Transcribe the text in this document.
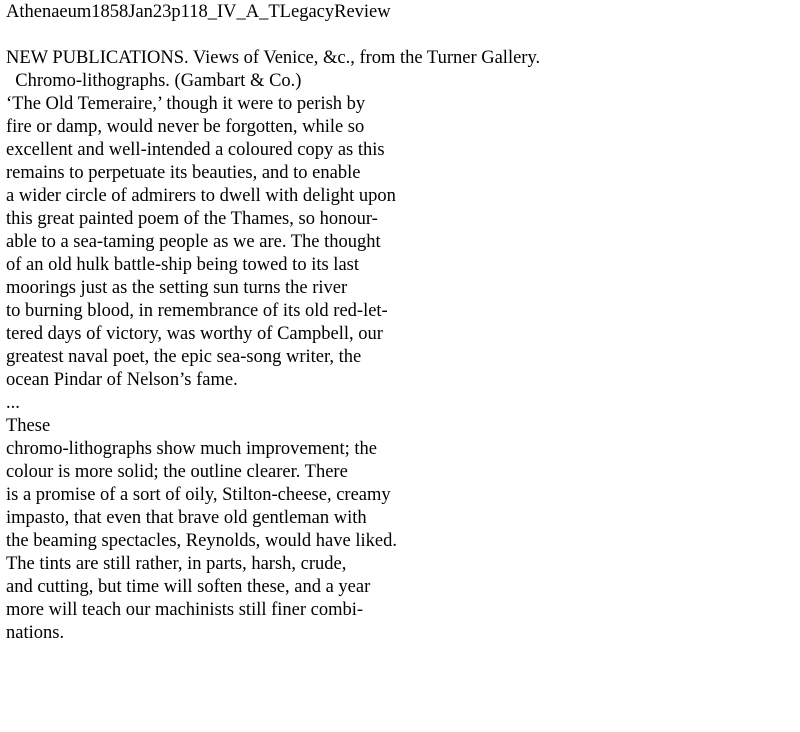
Athenaeum1858Jan23p118_IV_A_TLegacyReview
NEW PUBLICATIONS. Views of Venice, &c., from the Turner Gallery.
Chromo-lithographs. (Gambart & Co.)
‘The Old Temeraire,’ though it were to perish by
fire or damp, would never be forgotten, while so
excellent and well-intended a coloured copy as this
remains to perpetuate its beauties, and to enable
a wider circle of admirers to dwell with delight upon
this great painted poem of the Thames, so honour-
able to a sea-taming people as we are. The thought
of an old hulk battle-ship being towed to its last
moorings just as the setting sun turns the river
to burning blood, in remembrance of its old red-let-
tered days of victory, was worthy of Campbell, our
greatest naval poet, the epic sea-song writer, the
ocean Pindar of Nelson’s fame.
...
These
chromo-lithographs show much improvement; the
colour is more solid; the outline clearer. There
is a promise of a sort of oily, Stilton-cheese, creamy
impasto, that even that brave old gentleman with
the beaming spectacles, Reynolds, would have liked.
The tints are still rather, in parts, harsh, crude,
and cutting, but time will soften these, and a year
more will teach our machinists still finer combi-
nations.
